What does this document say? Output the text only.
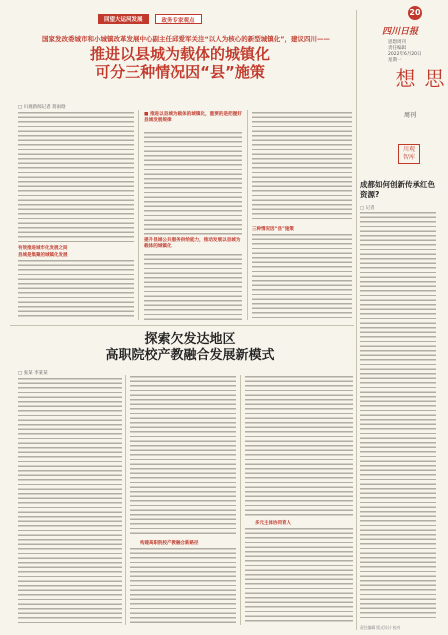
回望大运河发展	政务专家观点
国家发改委城市和小城镇改革发展中心副主任邱爱军关注“以人为核心的新型城镇化”，建议四川——
推进以县城为载体的城镇化
可分三种情况因“县”施策
20
四川日报
思想周刊
责任编辑
2022年6月20日
星期一
思想
周刊
川观
智库
成都如何创新传承红色资源?
□ 记者
□ 川观新闻记者 蒋雨晗
有效推进城市化发展之间
县城是集聚的城镇化发展
■ 推进以县城为载体的城镇化，重要的是把握好县城发展规律
提升县城公共服务供给能力，推动发展以县城为载体的城镇化
三种情况因“县”施策
探索欠发达地区
高职院校产教融合发展新模式
□ 张某 李某某
构建高职院校产教融合新路径
多元主体协同育人
责任编辑 版式设计 校对
